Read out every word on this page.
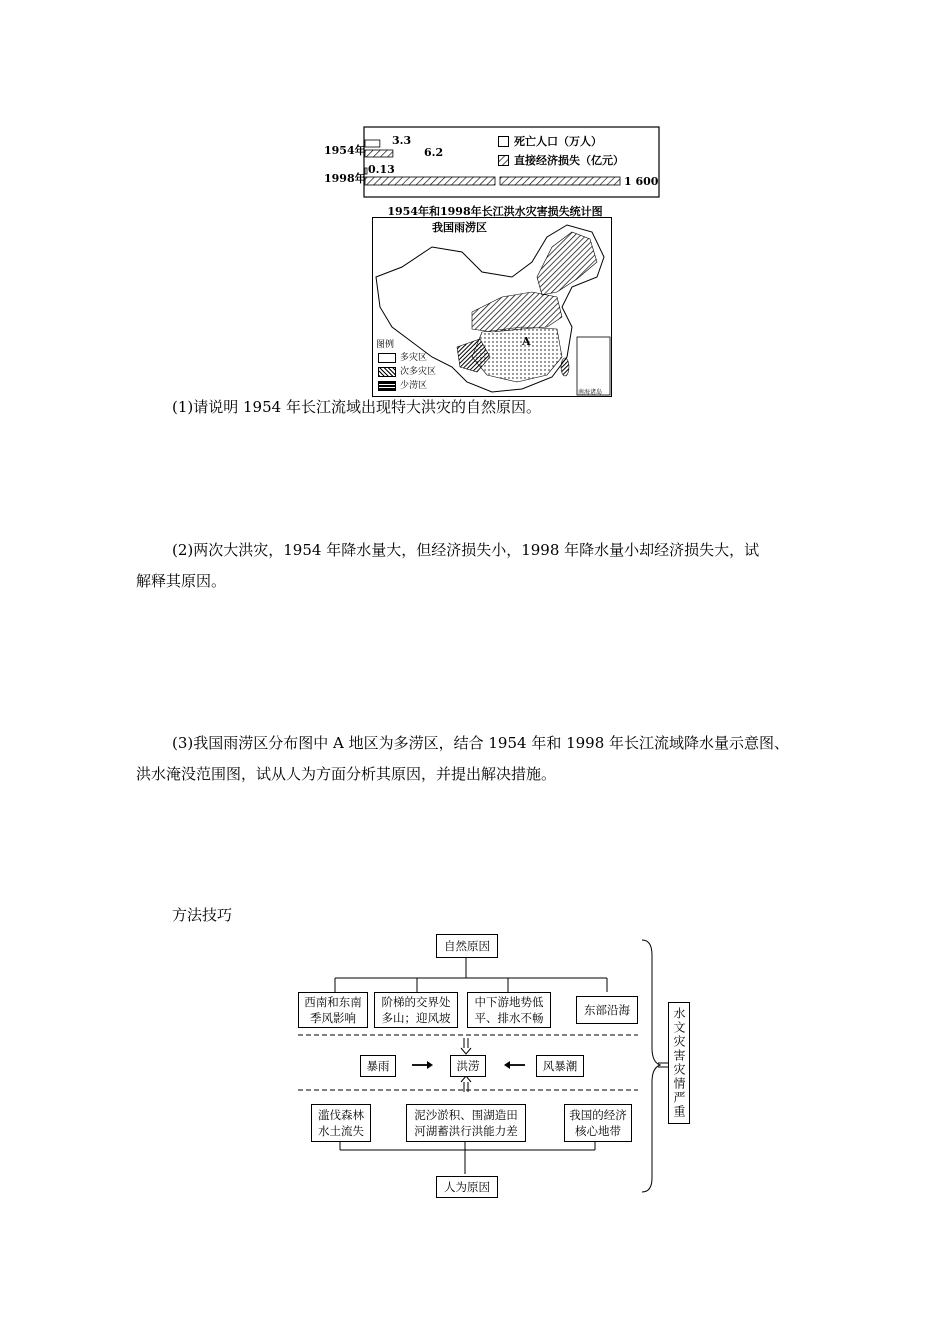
1954年
1998年
3.3
6.2
0.13
1 600
死亡人口（万人）
直接经济损失（亿元）
1954年和1998年长江洪水灾害损失统计图
我国雨涝区
A
图例
多灾区
次多灾区
少涝区
南海诸岛
(1)请说明 1954 年长江流域出现特大洪灾的自然原因。
(2)两次大洪灾，1954 年降水量大，但经济损失小，1998 年降水量小却经济损失大，试
解释其原因。
(3)我国雨涝区分布图中 A 地区为多涝区，结合 1954 年和 1998 年长江流域降水量示意图、
洪水淹没范围图，试从人为方面分析其原因，并提出解决措施。
方法技巧
自然原因
西南和东南
季风影响
阶梯的交界处
多山；迎风坡
中下游地势低
平、排水不畅
东部沿海
暴雨	洪涝	风暴潮
滥伐森林
水土流失
泥沙淤积、围湖造田
河湖蓄洪行洪能力差
我国的经济
核心地带
人为原因
水文灾害灾情严重
